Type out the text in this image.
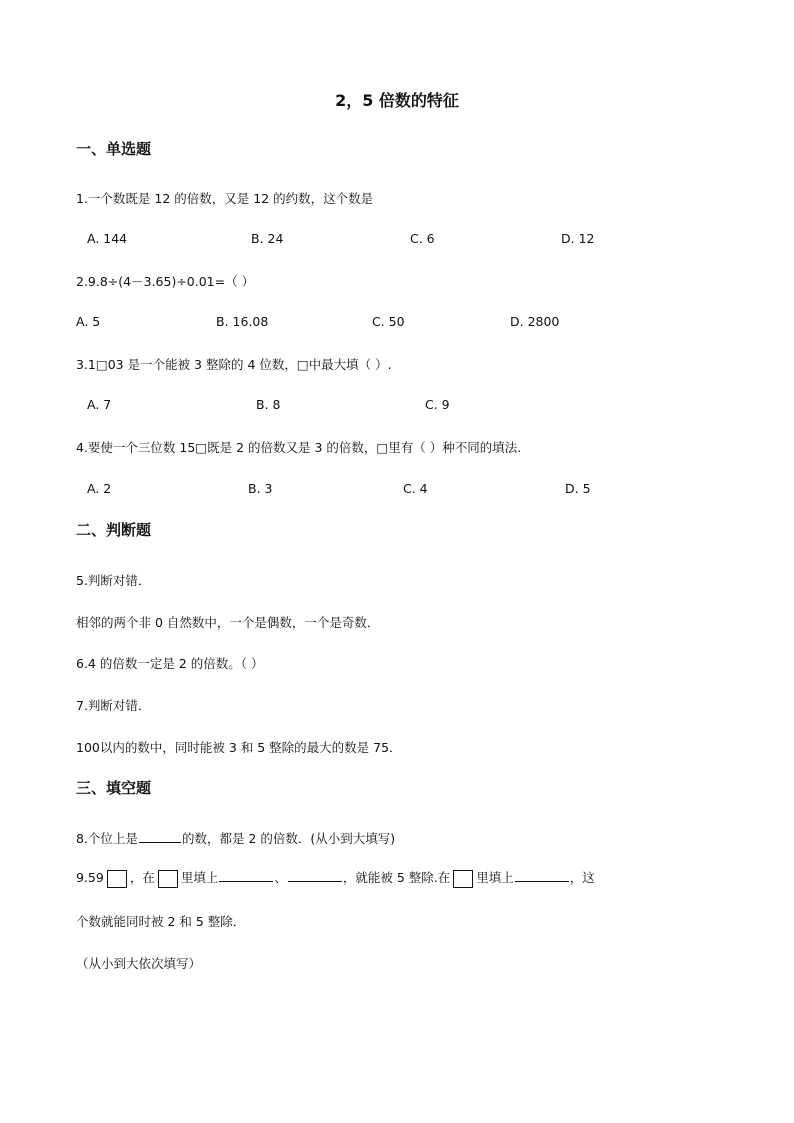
2，5 倍数的特征
一、单选题
1.一个数既是 12 的倍数，又是 12 的约数，这个数是
A. 144	B. 24	C. 6	D. 12
2.9.8÷(4－3.65)÷0.01=（ ）
A. 5	B. 16.08	C. 50	D. 2800
3.1□03 是一个能被 3 整除的 4 位数，□中最大填（ ）.
A. 7	B. 8	C. 9
4.要使一个三位数 15□既是 2 的倍数又是 3 的倍数，□里有（ ）种不同的填法.
A. 2	B. 3	C. 4	D. 5
二、判断题
5.判断对错．
相邻的两个非 0 自然数中，一个是偶数，一个是奇数．
6.4 的倍数一定是 2 的倍数。（ ）
7.判断对错．
100以内的数中，同时能被 3 和 5 整除的最大的数是 75．
三、填空题
8.个位上是	的数，都是 2 的倍数．(从小到大填写)
9.59 ，在 里填上	、	，就能被 5 整除.在 里填上	，这
个数就能同时被 2 和 5 整除．
（从小到大依次填写）
